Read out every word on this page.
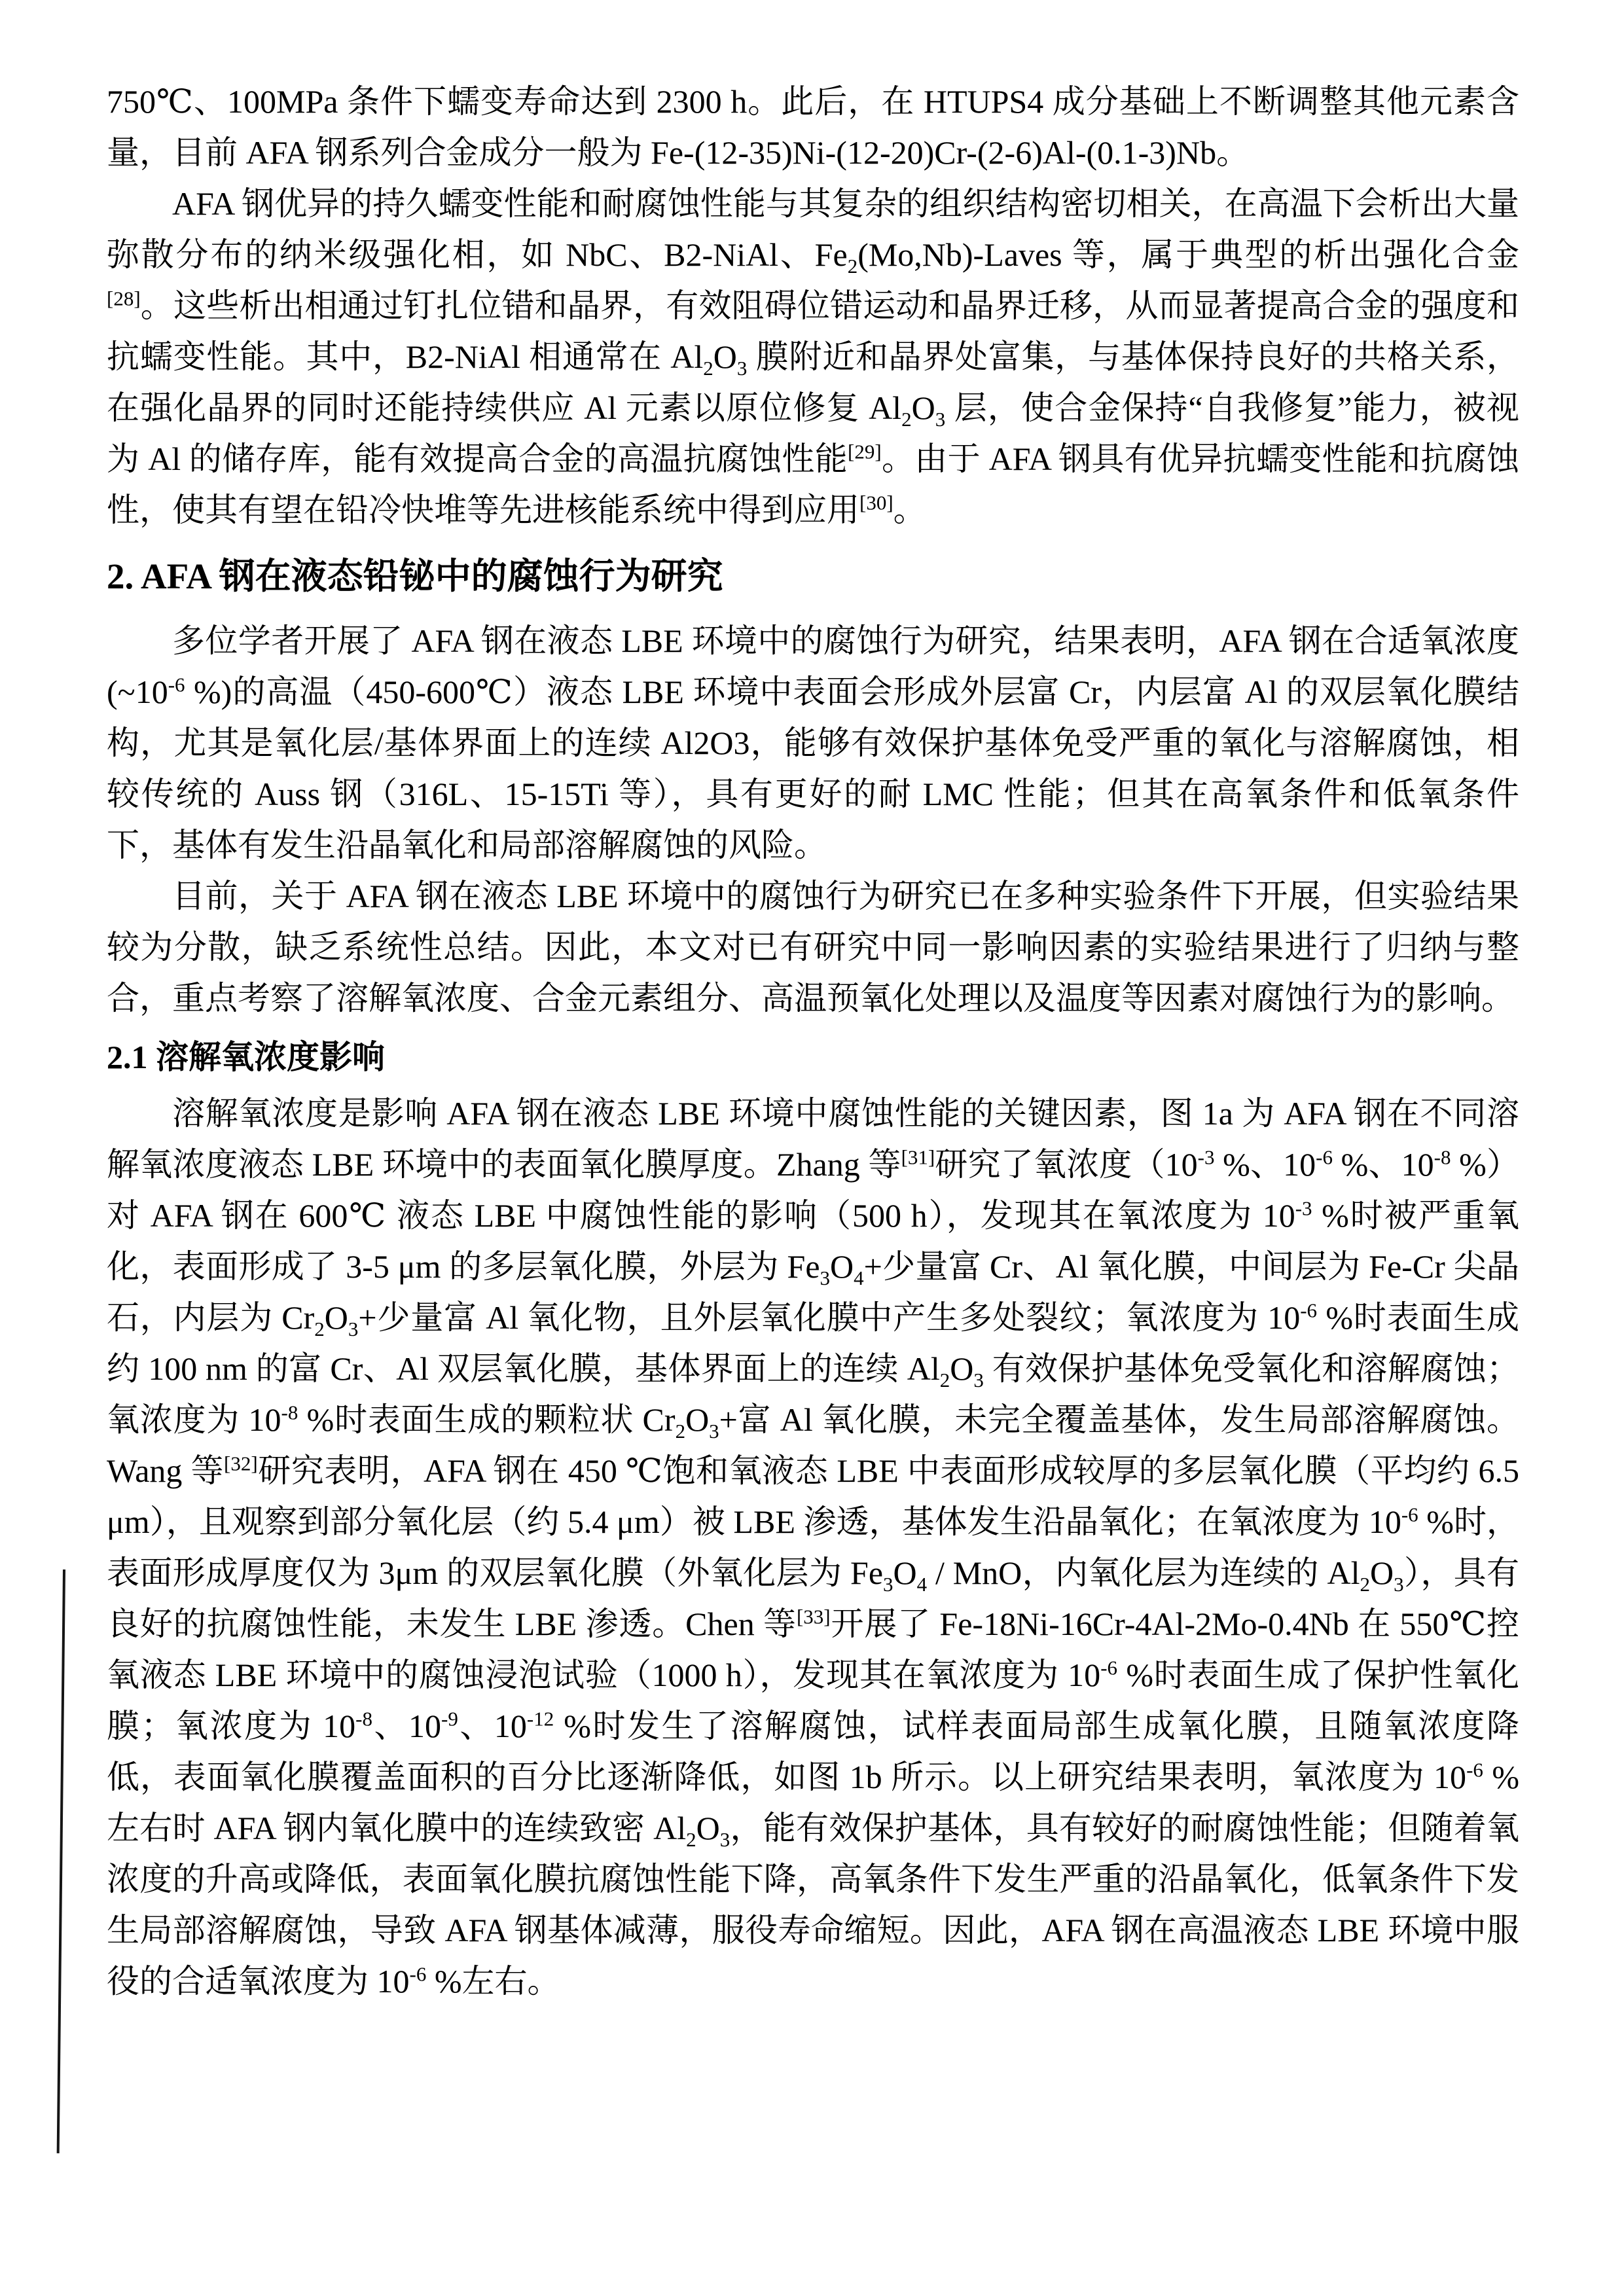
750℃、100MPa 条件下蠕变寿命达到 2300 h。此后，在 HTUPS4 成分基础上不断调整其他元素含量，目前 AFA 钢系列合金成分一般为 Fe-(12-35)Ni-(12-20)Cr-(2-6)Al-(0.1-3)Nb。

AFA 钢优异的持久蠕变性能和耐腐蚀性能与其复杂的组织结构密切相关，在高温下会析出大量弥散分布的纳米级强化相，如 NbC、B2-NiAl、$Fe_2(Mo,Nb)$-Laves 等，属于典型的析出强化合金[28]。这些析出相通过钉扎位错和晶界，有效阻碍位错运动和晶界迁移，从而显著提高合金的强度和抗蠕变性能。其中，B2-NiAl 相通常在 $Al_2O_3$ 膜附近和晶界处富集，与基体保持良好的共格关系，在强化晶界的同时还能持续供应 Al 元素以原位修复 $Al_2O_3$ 层，使合金保持“自我修复”能力，被视为 Al 的储存库，能有效提高合金的高温抗腐蚀性能[29]。由于 AFA 钢具有优异抗蠕变性能和抗腐蚀性，使其有望在铅冷快堆等先进核能系统中得到应用[30]。

2. AFA 钢在液态铅铋中的腐蚀行为研究

多位学者开展了 AFA 钢在液态 LBE 环境中的腐蚀行为研究，结果表明，AFA 钢在合适氧浓度($\sim 10^{-6}$ %)的高温（450-600℃）液态 LBE 环境中表面会形成外层富 Cr，内层富 Al 的双层氧化膜结构，尤其是氧化层/基体界面上的连续 Al2O3，能够有效保护基体免受严重的氧化与溶解腐蚀，相较传统的 Auss 钢（316L、15-15Ti 等），具有更好的耐 LMC 性能；但其在高氧条件和低氧条件下，基体有发生沿晶氧化和局部溶解腐蚀的风险。

目前，关于 AFA 钢在液态 LBE 环境中的腐蚀行为研究已在多种实验条件下开展，但实验结果较为分散，缺乏系统性总结。因此，本文对已有研究中同一影响因素的实验结果进行了归纳与整合，重点考察了溶解氧浓度、合金元素组分、高温预氧化处理以及温度等因素对腐蚀行为的影响。

2.1 溶解氧浓度影响

溶解氧浓度是影响 AFA 钢在液态 LBE 环境中腐蚀性能的关键因素，图 1a 为 AFA 钢在不同溶解氧浓度液态 LBE 环境中的表面氧化膜厚度。Zhang 等[31]研究了氧浓度（$10^{-3}$ %、$10^{-6}$ %、$10^{-8}$ %）对 AFA 钢在 600℃ 液态 LBE 中腐蚀性能的影响（500 h），发现其在氧浓度为 $10^{-3}$ %时被严重氧化，表面形成了 3-5 μm 的多层氧化膜，外层为 $Fe_3O_4+$少量富 Cr、Al 氧化膜，中间层为 Fe-Cr 尖晶石，内层为 $Cr_2O_3+$少量富 Al 氧化物，且外层氧化膜中产生多处裂纹；氧浓度为 $10^{-6}$ %时表面生成约 100 nm 的富 Cr、Al 双层氧化膜，基体界面上的连续 $Al_2O_3$ 有效保护基体免受氧化和溶解腐蚀；氧浓度为 $10^{-8}$ %时表面生成的颗粒状 $Cr_2O_3+$富 Al 氧化膜，未完全覆盖基体，发生局部溶解腐蚀。Wang 等[32]研究表明，AFA 钢在 450 ℃饱和氧液态 LBE 中表面形成较厚的多层氧化膜（平均约 6.5 μm），且观察到部分氧化层（约 5.4 μm）被 LBE 渗透，基体发生沿晶氧化；在氧浓度为 $10^{-6}$ %时，表面形成厚度仅为 3μm 的双层氧化膜（外氧化层为 $Fe_3O_4$ / MnO，内氧化层为连续的 $Al_2O_3$），具有良好的抗腐蚀性能，未发生 LBE 渗透。Chen 等[33]开展了 Fe-18Ni-16Cr-4Al-2Mo-0.4Nb 在 550℃控氧液态 LBE 环境中的腐蚀浸泡试验（1000 h），发现其在氧浓度为 $10^{-6}$ %时表面生成了保护性氧化膜；氧浓度为 $10^{-8}$、$10^{-9}$、$10^{-12}$ %时发生了溶解腐蚀，试样表面局部生成氧化膜，且随氧浓度降低，表面氧化膜覆盖面积的百分比逐渐降低，如图 1b 所示。以上研究结果表明，氧浓度为 $10^{-6}$ %左右时 AFA 钢内氧化膜中的连续致密 $Al_2O_3$，能有效保护基体，具有较好的耐腐蚀性能；但随着氧浓度的升高或降低，表面氧化膜抗腐蚀性能下降，高氧条件下发生严重的沿晶氧化，低氧条件下发生局部溶解腐蚀，导致 AFA 钢基体减薄，服役寿命缩短。因此，AFA 钢在高温液态 LBE 环境中服役的合适氧浓度为 $10^{-6}$ %左右。
